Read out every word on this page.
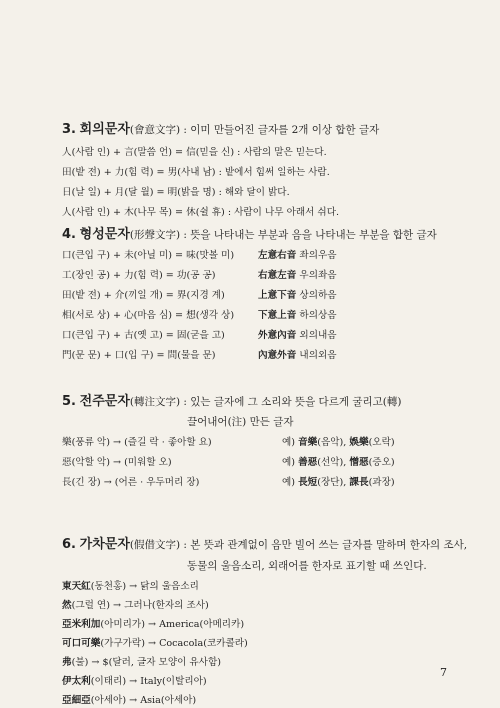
3. 회의문자(會意文字) : 이미 만들어진 글자를 2개 이상 합한 글자
人(사람 인) + 言(말씀 언) = 信(믿을 신) : 사람의 말은 믿는다.
田(밭 전) + 力(힘 력) = 男(사내 남) : 밭에서 힘써 일하는 사람.
日(날 일) + 月(달 월) = 明(밝을 명) : 해와 달이 밝다.
人(사람 인) + 木(나무 목) = 休(쉴 휴) : 사람이 나무 아래서 쉬다.
4. 형성문자(形聲文字) : 뜻을 나타내는 부분과 음을 나타내는 부분을 합한 글자
口(큰입 구) + 未(아닐 미) = 味(맛볼 미) 左意右音 좌의우음
工(장인 공) + 力(힘 력) = 功(공 공)	右意左音 우의좌음
田(밭 전) + 介(끼일 개) = 界(지경 계)	上意下音 상의하음
相(서로 상) + 心(마음 심) = 想(생각 상) 下意上音 하의상음
口(큰입 구) + 古(옛 고) = 固(굳을 고)	外意內音 외의내음
門(문 문) + 口(입 구) = 問(물을 문)	內意外音 내의외음
5. 전주문자(轉注文字) : 있는 글자에 그 소리와 뜻을 다르게 굴리고(轉)
끌어내어(注) 만든 글자
樂(풍류 악) → (즐길 락 · 좋아할 요)	예) 音樂(음악), 娛樂(오락)
惡(악할 악) → (미워할 오)	예) 善惡(선악), 憎惡(증오)
長(긴 장) → (어른 · 우두머리 장)	예) 長短(장단), 課長(과장)
7
6. 가차문자(假借文字) : 본 뜻과 관계없이 음만 빌어 쓰는 글자를 말하며 한자의 조사,
동물의 울음소리, 외래어를 한자로 표기할 때 쓰인다.
東天紅(동천홍) → 닭의 울음소리
然(그럴 연) → 그러나(한자의 조사)
亞米利加(아미리가) → America(아메리카)
可口可樂(가구가락) → Cocacola(코카콜라)
弗(불) → $(달러, 글자 모양이 유사함)
伊太利(이태리) → Italy(이탈리아)
亞細亞(아세아) → Asia(아세아)
